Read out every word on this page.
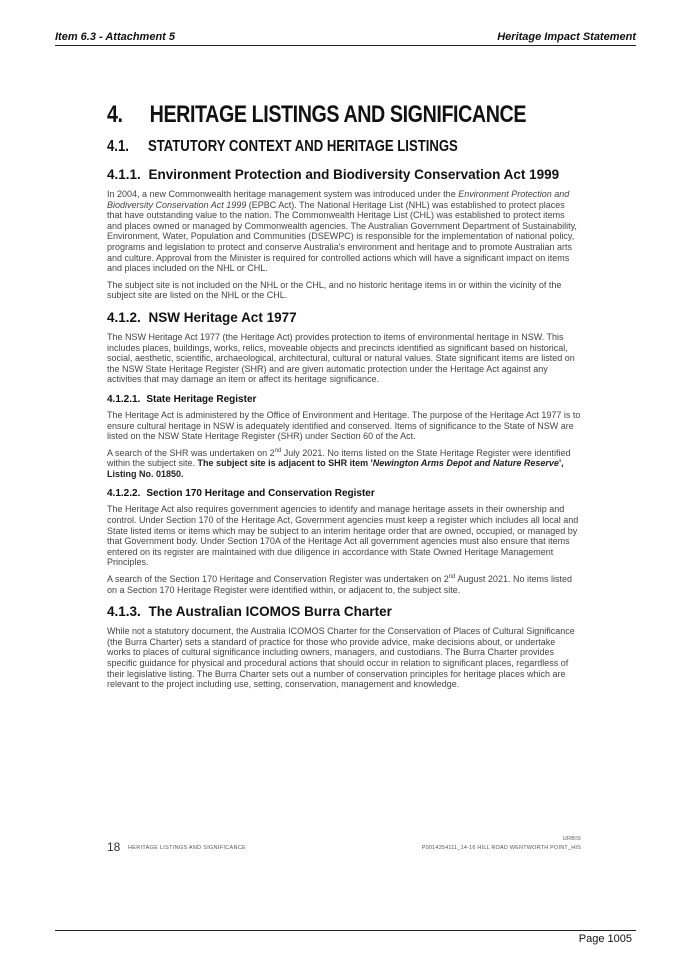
Item 6.3 - Attachment 5	Heritage Impact Statement
4. HERITAGE LISTINGS AND SIGNIFICANCE
4.1. STATUTORY CONTEXT AND HERITAGE LISTINGS
4.1.1. Environment Protection and Biodiversity Conservation Act 1999

In 2004, a new Commonwealth heritage management system was introduced under the Environment Protection and Biodiversity Conservation Act 1999 (EPBC Act). The National Heritage List (NHL) was established to protect places that have outstanding value to the nation. The Commonwealth Heritage List (CHL) was established to protect items and places owned or managed by Commonwealth agencies. The Australian Government Department of Sustainability, Environment, Water, Population and Communities (DSEWPC) is responsible for the implementation of national policy, programs and legislation to protect and conserve Australia's environment and heritage and to promote Australian arts and culture. Approval from the Minister is required for controlled actions which will have a significant impact on items and places included on the NHL or CHL.

The subject site is not included on the NHL or the CHL, and no historic heritage items in or within the vicinity of the subject site are listed on the NHL or the CHL.

4.1.2. NSW Heritage Act 1977

The NSW Heritage Act 1977 (the Heritage Act) provides protection to items of environmental heritage in NSW. This includes places, buildings, works, relics, moveable objects and precincts identified as significant based on historical, social, aesthetic, scientific, archaeological, architectural, cultural or natural values. State significant items are listed on the NSW State Heritage Register (SHR) and are given automatic protection under the Heritage Act against any activities that may damage an item or affect its heritage significance.

4.1.2.1. State Heritage Register

The Heritage Act is administered by the Office of Environment and Heritage. The purpose of the Heritage Act 1977 is to ensure cultural heritage in NSW is adequately identified and conserved. Items of significance to the State of NSW are listed on the NSW State Heritage Register (SHR) under Section 60 of the Act.

A search of the SHR was undertaken on 2nd July 2021. No items listed on the State Heritage Register were identified within the subject site. The subject site is adjacent to SHR item 'Newington Arms Depot and Nature Reserve', Listing No. 01850.

4.1.2.2. Section 170 Heritage and Conservation Register

The Heritage Act also requires government agencies to identify and manage heritage assets in their ownership and control. Under Section 170 of the Heritage Act, Government agencies must keep a register which includes all local and State listed items or items which may be subject to an interim heritage order that are owned, occupied, or managed by that Government body. Under Section 170A of the Heritage Act all government agencies must also ensure that items entered on its register are maintained with due diligence in accordance with State Owned Heritage Management Principles.

A search of the Section 170 Heritage and Conservation Register was undertaken on 2nd August 2021. No items listed on a Section 170 Heritage Register were identified within, or adjacent to, the subject site.

4.1.3. The Australian ICOMOS Burra Charter

While not a statutory document, the Australia ICOMOS Charter for the Conservation of Places of Cultural Significance (the Burra Charter) sets a standard of practice for those who provide advice, make decisions about, or undertake works to places of cultural significance including owners, managers, and custodians. The Burra Charter provides specific guidance for physical and procedural actions that should occur in relation to significant places, regardless of their legislative listing. The Burra Charter sets out a number of conservation principles for heritage places which are relevant to the project including use, setting, conservation, management and knowledge.

18 HERITAGE LISTINGS AND SIGNIFICANCE
URBIS
P0014354111_14-16 HILL ROAD WENTWORTH POINT_HIS
Page 1005
